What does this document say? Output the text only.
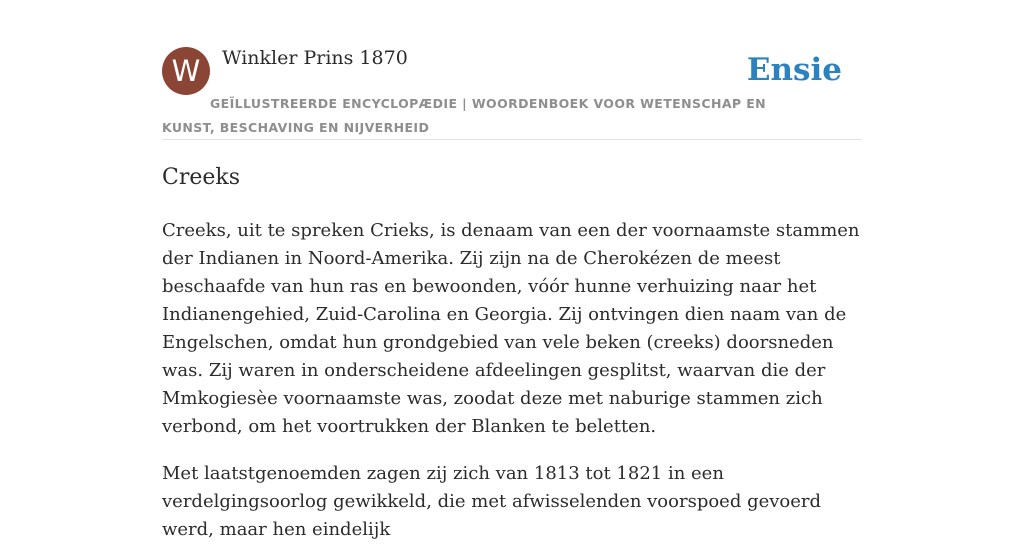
W	Winkler Prins 1870	Ensie
GEÏLLUSTREERDE ENCYCLOPÆDIE | WOORDENBOEK VOOR WETENSCHAP EN KUNST, BESCHAVING EN NIJVERHEID
Creeks

Creeks, uit te spreken Crieks, is denaam van een der voornaamste stammen der Indianen in Noord-Amerika. Zij zijn na de Cherokézen de meest beschaafde van hun ras en bewoonden, vóór hunne verhuizing naar het Indianengehied, Zuid-Carolina en Georgia. Zij ontvingen dien naam van de Engelschen, omdat hun grondgebied van vele beken (creeks) doorsneden was. Zij waren in onderscheidene afdeelingen gesplitst, waarvan die der Mmkogiesèe voornaamste was, zoodat deze met naburige stammen zich verbond, om het voortrukken der Blanken te beletten.

Met laatstgenoemden zagen zij zich van 1813 tot 1821 in een verdelgingsoorlog gewikkeld, die met afwisselenden voorspoed gevoerd werd, maar hen eindelijk
